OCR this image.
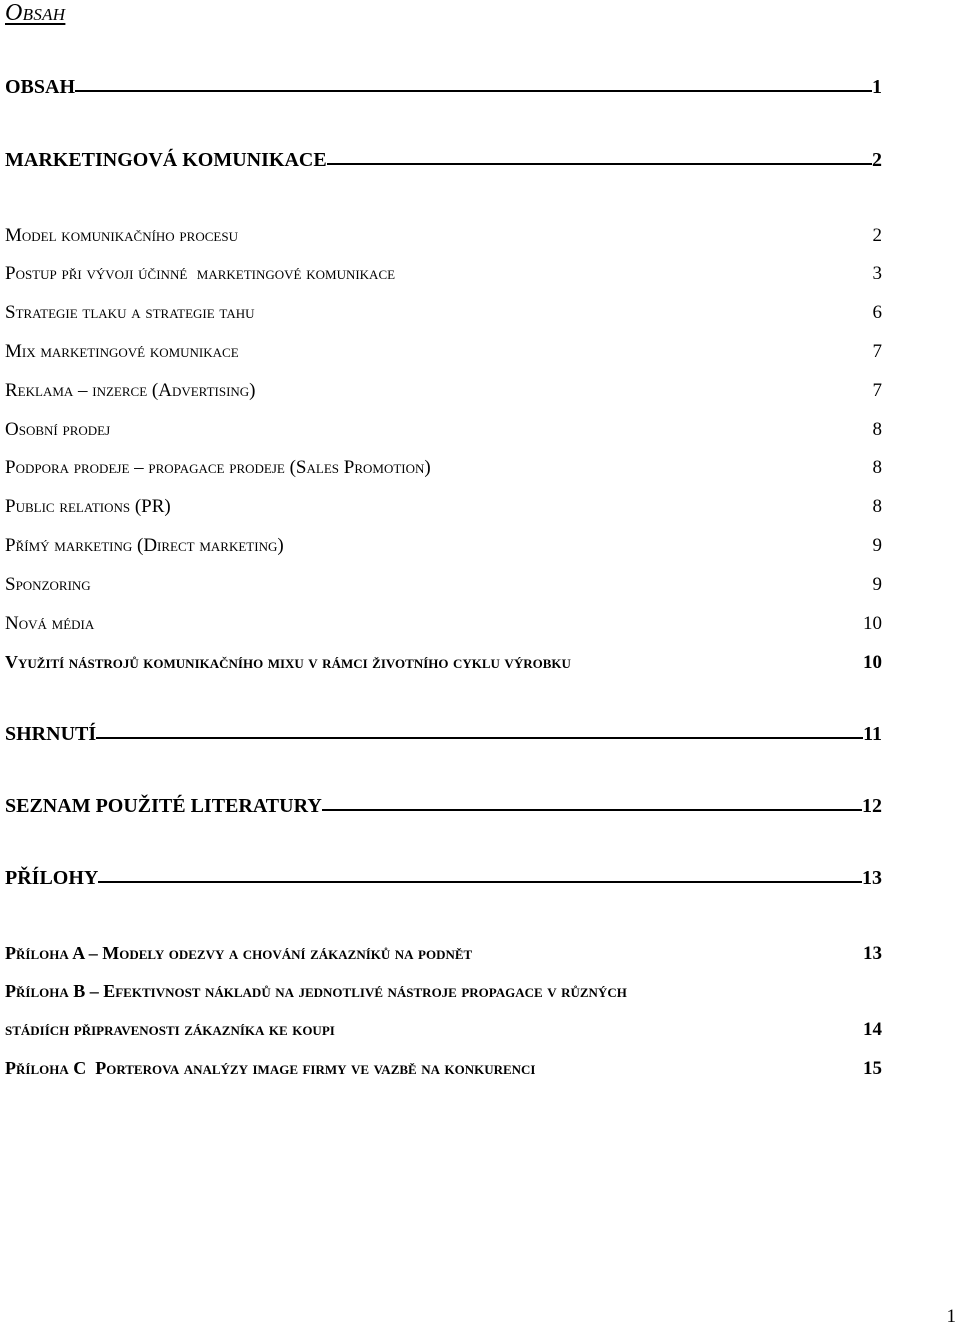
Obsah
OBSAH	1
MARKETINGOVÁ KOMUNIKACE	2
Model komunikačního procesu	2
Postup při vývoji účinné  marketingové komunikace	3
Strategie tlaku a strategie tahu	6
Mix marketingové komunikace	7
Reklama – inzerce (Advertising)	7
Osobní prodej	8
Podpora prodeje – propagace prodeje (Sales Promotion)	8
Public relations (PR)	8
Přímý marketing (Direct marketing)	9
Sponzoring	9
Nová média	10
Využití nástrojů komunikačního mixu v rámci životního cyklu výrobku	10
SHRNUTÍ	11
SEZNAM POUŽITÉ LITERATURY	12
PŘÍLOHY	13
Příloha A – Modely odezvy a chování zákazníků na podnět	13
Příloha B – Efektivnost nákladů na jednotlivé nástroje propagace v různých
stádiích připravenosti zákazníka ke koupi	14
Příloha C  Porterova analýzy image firmy ve vazbě na konkurenci	15
1
